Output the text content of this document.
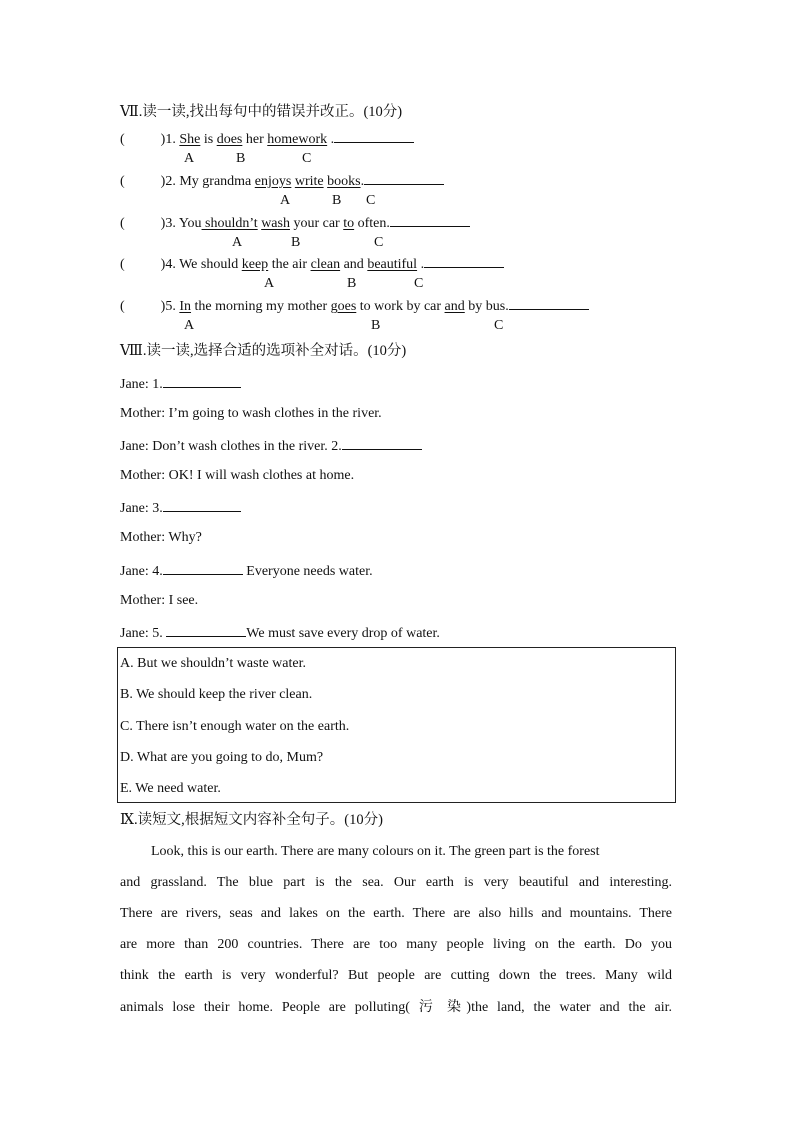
Ⅶ.读一读,找出每句中的错误并改正。(10分)
(	)1. She is does her homework .
A	B	C
(	)2. My grandma enjoys write books.
A	B C
(	)3. You shouldn’t wash your car to often.
A	B	C
(	)4. We should keep the air clean and beautiful .
A	B	C
(	)5. In the morning my mother goes to work by car and by bus.
A	B	C
Ⅷ.读一读,选择合适的选项补全对话。(10分)
Jane: 1.
Mother: I’m going to wash clothes in the river.
Jane: Don’t wash clothes in the river. 2.
Mother: OK! I will wash clothes at home.
Jane: 3.
Mother: Why?
Jane: 4.	Everyone needs water.
Mother: I see.
Jane: 5.	We must save every drop of water.
A. But we shouldn’t waste water.
B. We should keep the river clean.
C. There isn’t enough water on the earth.
D. What are you going to do, Mum?
E. We need water.
Ⅸ.读短文,根据短文内容补全句子。(10分)
Look, this is our earth. There are many colours on it. The green part is the forest
and grassland. The blue part is the sea. Our earth is very beautiful and interesting.
There are rivers, seas and lakes on the earth. There are also hills and mountains. There
are more than 200 countries. There are too many people living on the earth. Do you
think the earth is very wonderful? But people are cutting down the trees. Many wild
animals lose their home. People are polluting( 污 染)the land, the water and the air.
